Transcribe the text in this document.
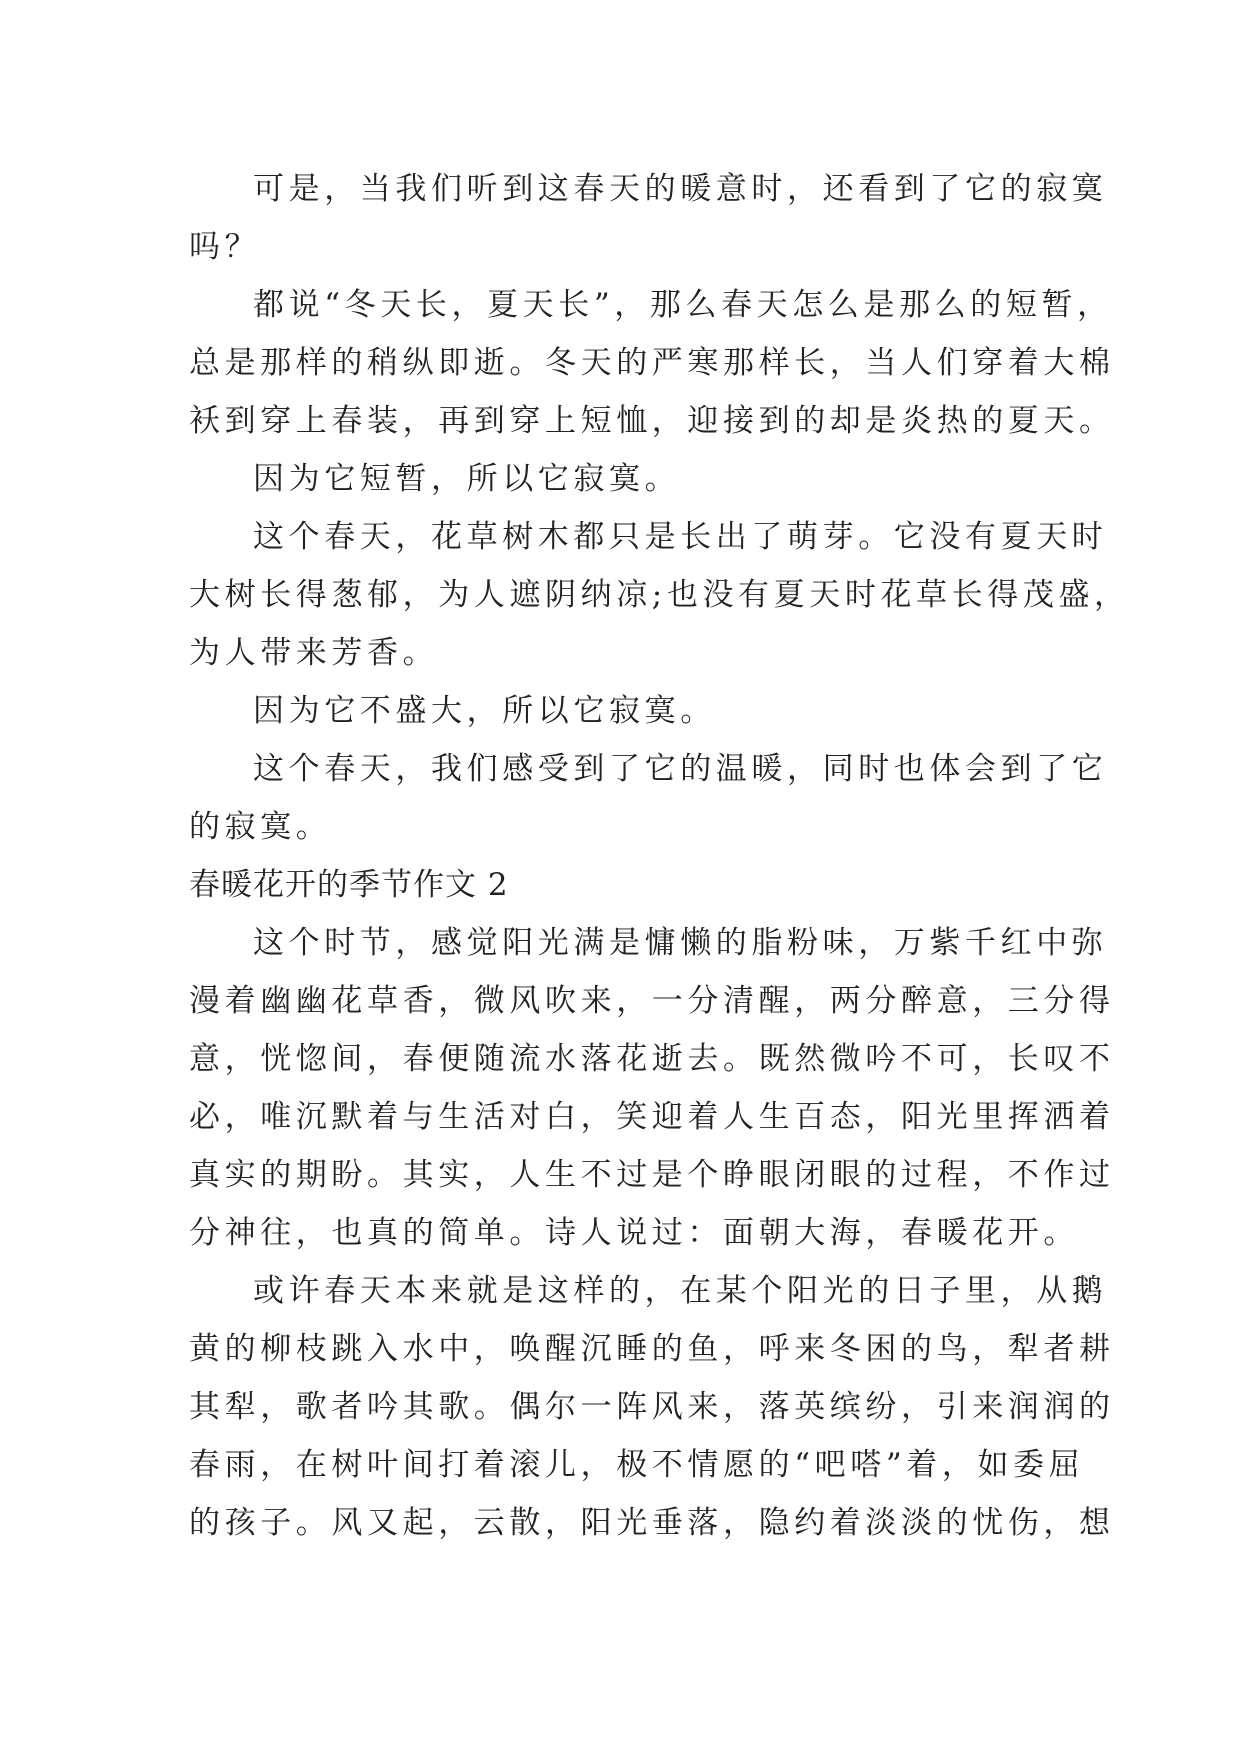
可是，当我们听到这春天的暖意时，还看到了它的寂寞
吗？
都说“冬天长，夏天长”，那么春天怎么是那么的短暂，
总是那样的稍纵即逝。冬天的严寒那样长，当人们穿着大棉
袄到穿上春装，再到穿上短恤，迎接到的却是炎热的夏天。
因为它短暂，所以它寂寞。
这个春天，花草树木都只是长出了萌芽。它没有夏天时
大树长得葱郁，为人遮阴纳凉;也没有夏天时花草长得茂盛，
为人带来芳香。
因为它不盛大，所以它寂寞。
这个春天，我们感受到了它的温暖，同时也体会到了它
的寂寞。
春暖花开的季节作文 2
这个时节，感觉阳光满是慵懒的脂粉味，万紫千红中弥
漫着幽幽花草香，微风吹来，一分清醒，两分醉意，三分得
意，恍惚间，春便随流水落花逝去。既然微吟不可，长叹不
必，唯沉默着与生活对白，笑迎着人生百态，阳光里挥洒着
真实的期盼。其实，人生不过是个睁眼闭眼的过程，不作过
分神往，也真的简单。诗人说过：面朝大海，春暖花开。
或许春天本来就是这样的，在某个阳光的日子里，从鹅
黄的柳枝跳入水中，唤醒沉睡的鱼，呼来冬困的鸟，犁者耕
其犁，歌者吟其歌。偶尔一阵风来，落英缤纷，引来润润的
春雨，在树叶间打着滚儿，极不情愿的“吧嗒”着，如委屈
的孩子。风又起，云散，阳光垂落，隐约着淡淡的忧伤，想
